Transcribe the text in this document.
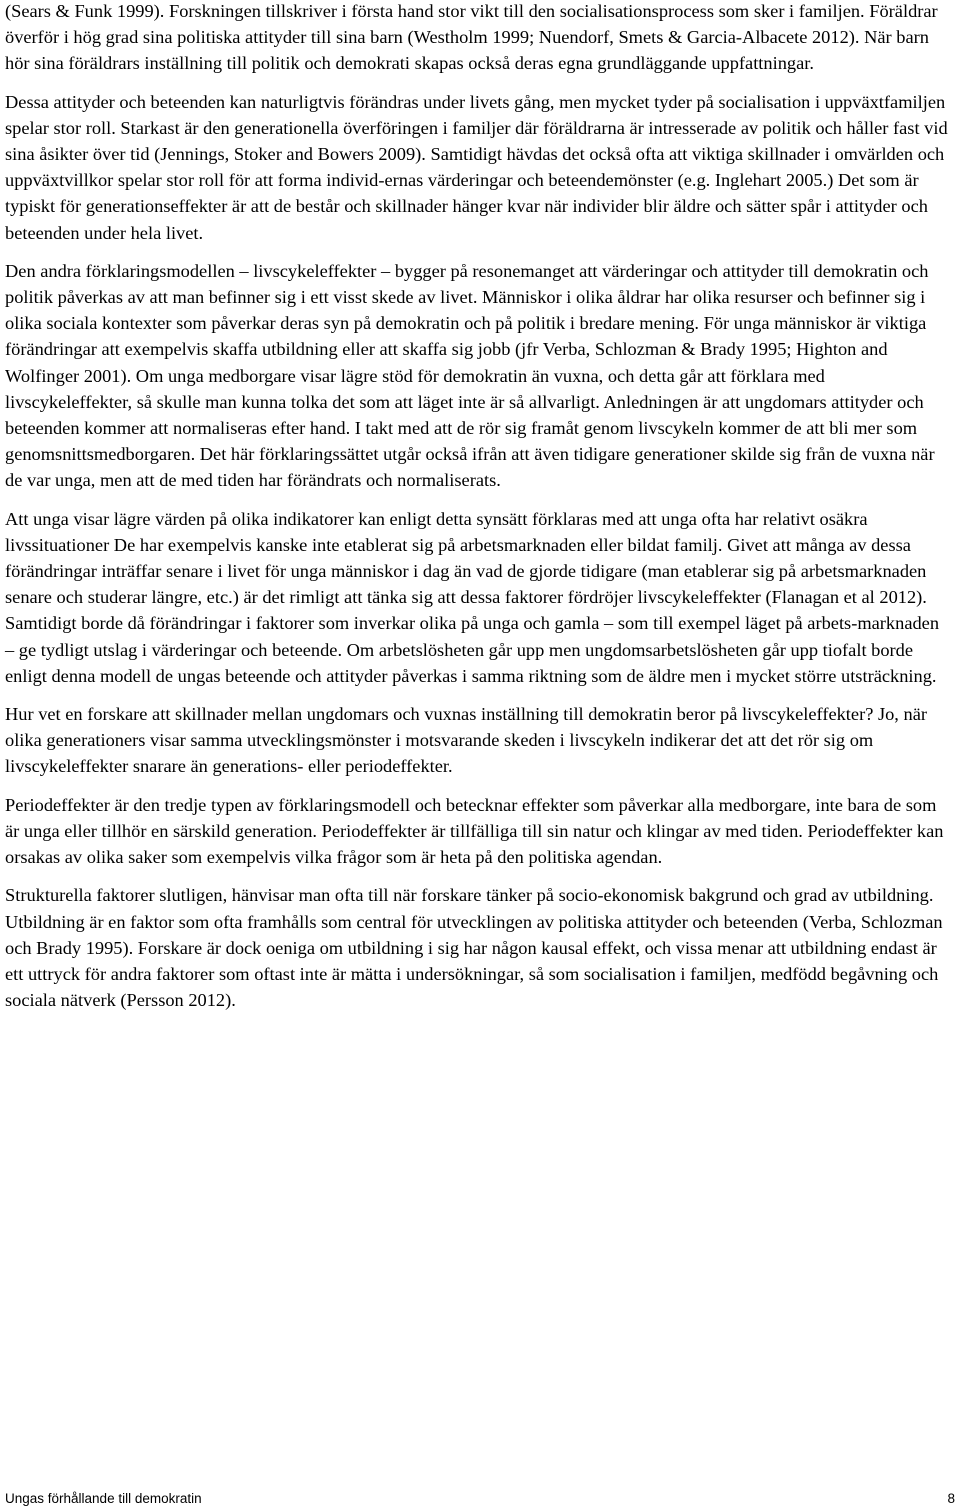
(Sears & Funk 1999). Forskningen tillskriver i första hand stor vikt till den socialisationsprocess som sker i familjen. Föräldrar överför i hög grad sina politiska attityder till sina barn (Westholm 1999; Nuendorf, Smets & Garcia-Albacete 2012). När barn hör sina föräldrars inställning till politik och demokrati skapas också deras egna grundläggande uppfattningar.

Dessa attityder och beteenden kan naturligtvis förändras under livets gång, men mycket tyder på socialisation i uppväxtfamiljen spelar stor roll. Starkast är den generationella överföringen i familjer där föräldrarna är intresserade av politik och håller fast vid sina åsikter över tid (Jennings, Stoker and Bowers 2009). Samtidigt hävdas det också ofta att viktiga skillnader i omvärlden och uppväxtvillkor spelar stor roll för att forma individ-ernas värderingar och beteendemönster (e.g. Inglehart 2005.) Det som är typiskt för generationseffekter är att de består och skillnader hänger kvar när individer blir äldre och sätter spår i attityder och beteenden under hela livet.

Den andra förklaringsmodellen – livscykeleffekter – bygger på resonemanget att värderingar och attityder till demokratin och politik påverkas av att man befinner sig i ett visst skede av livet. Människor i olika åldrar har olika resurser och befinner sig i olika sociala kontexter som påverkar deras syn på demokratin och på politik i bredare mening. För unga människor är viktiga förändringar att exempelvis skaffa utbildning eller att skaffa sig jobb (jfr Verba, Schlozman & Brady 1995; Highton and Wolfinger 2001). Om unga medborgare visar lägre stöd för demokratin än vuxna, och detta går att förklara med livscykeleffekter, så skulle man kunna tolka det som att läget inte är så allvarligt. Anledningen är att ungdomars attityder och beteenden kommer att normaliseras efter hand. I takt med att de rör sig framåt genom livscykeln kommer de att bli mer som genomsnittsmedborgaren. Det här förklaringssättet utgår också ifrån att även tidigare generationer skilde sig från de vuxna när de var unga, men att de med tiden har förändrats och normaliserats.

Att unga visar lägre värden på olika indikatorer kan enligt detta synsätt förklaras med att unga ofta har relativt osäkra livssituationer De har exempelvis kanske inte etablerat sig på arbetsmarknaden eller bildat familj. Givet att många av dessa förändringar inträffar senare i livet för unga människor i dag än vad de gjorde tidigare (man etablerar sig på arbetsmarknaden senare och studerar längre, etc.) är det rimligt att tänka sig att dessa faktorer fördröjer livscykeleffekter (Flanagan et al 2012). Samtidigt borde då förändringar i faktorer som inverkar olika på unga och gamla – som till exempel läget på arbets-marknaden – ge tydligt utslag i värderingar och beteende. Om arbetslösheten går upp men ungdomsarbetslösheten går upp tiofalt borde enligt denna modell de ungas beteende och attityder påverkas i samma riktning som de äldre men i mycket större utsträckning.

Hur vet en forskare att skillnader mellan ungdomars och vuxnas inställning till demokratin beror på livscykeleffekter? Jo, när olika generationers visar samma utvecklingsmönster i motsvarande skeden i livscykeln indikerar det att det rör sig om livscykeleffekter snarare än generations- eller periodeffekter.

Periodeffekter är den tredje typen av förklaringsmodell och betecknar effekter som påverkar alla medborgare, inte bara de som är unga eller tillhör en särskild generation. Periodeffekter är tillfälliga till sin natur och klingar av med tiden. Periodeffekter kan orsakas av olika saker som exempelvis vilka frågor som är heta på den politiska agendan.

Strukturella faktorer slutligen, hänvisar man ofta till när forskare tänker på socio-ekonomisk bakgrund och grad av utbildning. Utbildning är en faktor som ofta framhålls som central för utvecklingen av politiska attityder och beteenden (Verba, Schlozman och Brady 1995). Forskare är dock oeniga om utbildning i sig har någon kausal effekt, och vissa menar att utbildning endast är ett uttryck för andra faktorer som oftast inte är mätta i undersökningar, så som socialisation i familjen, medfödd begåvning och sociala nätverk (Persson 2012).

Ungas förhållande till demokratin	8
